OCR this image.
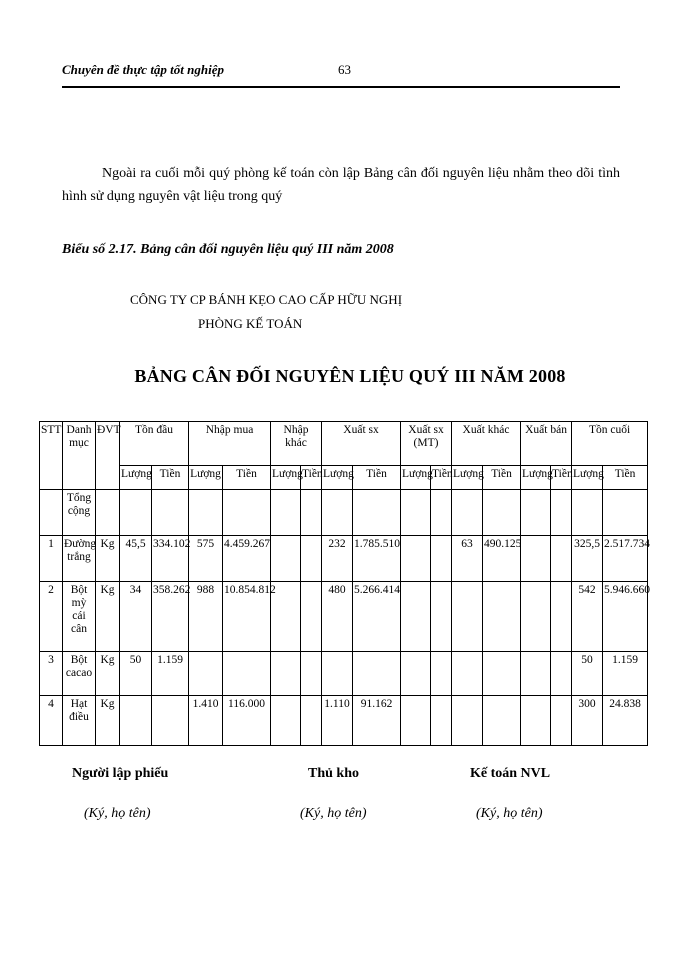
Chuyên đề thực tập tốt nghiệp	63
Ngoài ra cuối mỗi quý phòng kế toán còn lập Bảng cân đối nguyên liệu nhằm theo dõi tình hình sử dụng nguyên vật liệu trong quý
Biểu số 2.17. Bảng cân đối nguyên liệu quý III năm 2008
CÔNG TY CP BÁNH KẸO CAO CẤP HỮU NGHỊ
PHÒNG KẾ TOÁN
BẢNG CÂN ĐỐI NGUYÊN LIỆU QUÝ III NĂM 2008
STT	Danh mục	ĐVT	Tồn đầu		Nhập mua		Nhập khác		Xuất sx		Xuất sx (MT)		Xuất khác		Xuất bán		Tồn cuối	
			Lượng	Tiền	Lượng	Tiền	Lượng	Tiền	Lượng	Tiền	Lượng	Tiền	Lượng	Tiền	Lượng	Tiền	Lượng	Tiền
	Tổng cộng																	
1	Đường trắng	Kg	45,5	334.102	575	4.459.267			232	1.785.510			63	490.125			325,5	2.517.734
2	Bột mỳ cái cân	Kg	34	358.262	988	10.854.812			480	5.266.414							542	5.946.660
3	Bột cacao	Kg	50	1.159													50	1.159
4	Hạt điều	Kg			1.410	116.000			1.110	91.162							300	24.838
Người lập phiếu	Thủ kho	Kế toán NVL
(Ký, họ tên)	(Ký, họ tên)	(Ký, họ tên)
